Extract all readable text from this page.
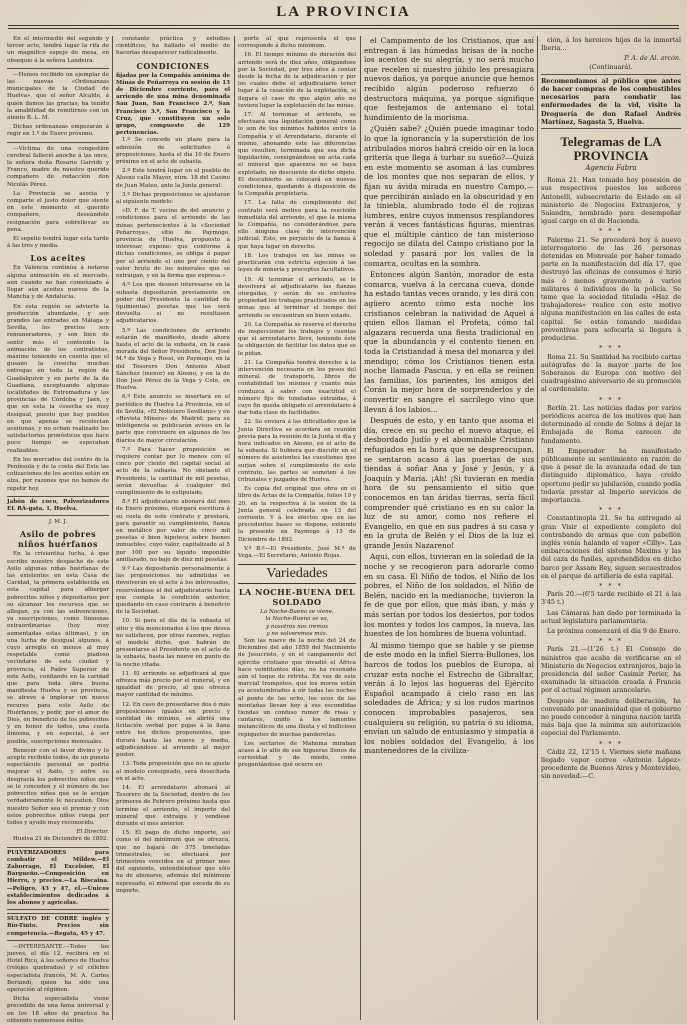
LA PROVINCIA

En el intermedio del segundo y tercer acto, tendrá lugar la rifa de un magnífico espejo de mesa, en obsequio á la señora Landeira.

—Hemos recibido un ejemplar de las nuevas «Ordenanzas municipales de la Ciudad de Huelva», que el señor Alcalde, á quien damos las gracias, ha tenido la amabilidad de remitirnos con un atento B. L. M.

Dichas ordenanzas empezarán á regir en 1.º de Enero próximo.

—Víctima de una congestión cerebral falleció anoche á las once, la señora doña Rosario Garrido y Franco, madre de nuestro querido compañero de redacción don Nicolás Pérez.

La Provincia se asocia y comparte el justo dolor que siente en este momento el querido compañero, deseándole resignación para sobrellevar su pena.

El sepelio tendrá lugar esta tarde á las tres y media.

Los aceites

En Valencia continúa á notarse alguna animación en el mercado, aun cuando no han comenzado á llegar aún aceites nuevos de la Mancha y de Andalucía.

En esta región se advierte la producción abundante, y son grandes las entradas en Málaga y Sevilla, los precios son remuneradores, y son bien de sentir más el contenido la animación de los contratistas, máxime teniendo en cuenta que el gusano la cosecha muchas entregas en toda la región de Guadalquivir y en parte de la de Guadiana, exceptuando algunas localidades de Extremadura y las provincias de Córdoba y Jaén, y que en esta la cosecha es muy desigual, puesto que hay pueblos en que apenas se recolectan aceitunas, y no echan realizado los satisfactorios pronósticos que hace poco tiempo se esperaban realizables.

En los mercados del centro de la Península y de la costa del Este las cotizaciones de los aceites están en alza, por razones que no hemos de repetir hoy.

Jabón de coco, Palvorizadores EL RÁ-gata, 1, Huelva.
J. M. J.
Asilo de pobres niños huérfanos

En la crisiantisa lucha, á que escribe nuestro despacho de este Asilo algunas niñas huérfanas de las existentes en esta Casa de Caridad, la primera establecida en esta capital para albergar pobrecitos niños y depositarios por su alcanzar los recursos que se allegan, ya con las subvenciones, ya suscripciones, como limosnas extraordinarias (hoy muy aumentadas estas últimas), y en una lucha de desigual algunos, á cuyo arreglo en menos al muy respetable como piadoso vecindario de esta ciudad y provincia, el Padre Superior de este Asilo, confiando en la caridad que para toda obra buena manifiesta Huelva y su provincia, se atreve á implorar un nuevo recurso para este Asilo de Huérfanos, y pedir, por el amor de Dios, en beneficio de los pobrecitos y en honor de todos, una cuota limosna, y en especial, á ser posible, suscripciones mensuales.

Benecer con el favor divino y lo acepte recibido todos, de un puesto espectáculo personal se podría mejorar el Asilo, y entre su desgracia los pobrecitos niños que se le conceden y el número de los pobrecitos niños que se le acojan verdaderamente le necesiten. Dios nuestro Señor sea el premio y con estos pobrecitos niños ruega por todos y ayude muy reconocido.

El Director.

Huelva 21 de Diciembre de 1892.

PULVERIZADORES para combatir el Mildew.—El Zaborrago, El Excelsior, El Bargueño.—Composición en Hierro, y precios.—La Biscaina.—Peligro, 43 y 47, el.—Únicos establecimientos dedicados á los abonos y agrícolas.
SULFATO DE COBRE inglés y Río-Tinto. Precios sin competencia.—Regata, 45 y 47.

—INTERESANTE.—Todos los jueves, el día 12, recibirá en el Hotel Rico, á los señores de Huelva (relojes quebrados) y el célebre especialista francés, M. A. Carles Beriandí, quien ha sido una operación al régimen.

Dicha especialista viene precedido de una fama universal y en los 18 años de práctica ha obtenido numerosos éxitos.

constante práctica y estudios científicos, ha hallado el medio de hacerlas desaparecer radicalmente.

CONDICIONES
fijadas por la Compañía anónima de Minas de Peñarroya en sesión de 13 de Diciembre corriente, para el arriendo de una mina denominada San Juan, San Francisco 2.º, San Francisco 3.º, San Francisco y la Cruz, que constituyen un solo grupo, compuesto de 129 pertenencias.

1.º Se concede un plazo para la admisión de solicitudes ó proposiciones, hasta el día 10 de Enero próximo en el acto de subasta.

2.º Este tendrá lugar en el pueblo de Alosno calle Mayor, núm. 18 del Casino de Juan Mateo, ante la Junta general.

3.º Dichas proposiciones se ajustarán al siguiente modelo:

«D. F. de T. vecino de del anuncio y condiciones para el arriendo de las minas pertenecientes á la «Sociedad Peñarroya», sitio de Paymogo, provincia de Huelva, propuesto á interesar, expone: que conforme á dichas condiciones, se obliga á pagar por el arriendo el uno por ciento del valor bruto de los minerales que se extraigan, y en la forma que expresa.»

4.º Los que deseen interesarse en la subasta depositarán previamente en poder del Presidente la cantidad de (quinientas) pesetas que les será devuelta si no resultasen adjudicatarios.

5.º Las condiciones de arriendo estarán de manifiesto, desde ahora hasta el acto de la subasta, en la casa morada del Señor Presidente, Don José M.ª de Vega y Rossi, en Paymogo, en la del Tesorero Don Antonio Abad Sánchez (menor) en Alosno, y en la de Don José Pérez de la Vega y Cote, en Huelva.

6.º Este anuncio se insertará en el periódico de Huelva La Provincia, en el de Sevilla, «El Noticiero Sevillano» y en «Revista Minera» de Madrid; para su inteligencia se publicarán avisos en la parte que conviniere en algunos de los diarios de mayor circulación.

7.º Para hacer proposición se requiere contar por lo menos con el cinco por ciento del capital social al acto de la subasta. No obstante el Presidente, la cantidad de mil pesetas, serán devueltas á cualquier del cumplimiento de lo estipulado.

8.º El adjudicatario abonará del mes de Enero próximo, otorgará escritura á su costa de este contrato y prestará, para garantir su cumplimiento, fianza en metálico por valor de cinco mil pesetas ó bien hipoteca sobre bienes inmuebles, cuyo valor, capitalizado al 5 por 100 por su líquido imponible amillarado, no baje de diez mil pesetas.

9.º Las depositarán personalmente á las proposiciones no admitidas se devolverán en el acto á los interesados, reservándose el del adjudicatario hasta que cumpla lo condición anterior, quedando en caso contrario á beneficio de la Sociedad.

10. Si para el día de la subasta el sitio y día mencionados á los que desea no satisfacen, por otras razones, reglas el modelo dicho, que habrán de presentarse al Presidente en el acto de la subasta, hasta las nueve en punto de la noche citada.

11. El arriendo se adjudicará al que ofrezca más precio por el mineral, y en igualdad de precio, al que ofrezca mayor cantidad de mínimo.

12. En caso de presentarse dos ó más proposiciones iguales en precio y cantidad de mínimo, se abrirá una licitación verbal por pujas á la llana entre los dichos proponentes, que durará hasta las nueve y media, adjudicándose el arriendo al mejor postor.

13. Toda proposición que no se ajuste al modelo consignado, será desechada en el acto.

14. El arrendatario abonará al Tesorero de la Sociedad, dentro de los primeros de Febrero próximo hasta que termine el arriendo, el importe del mineral que extraiga y vendiese durante el mes anterior.

15. El pago de dicho importe, así como el del mínimum que se ofrezca, que no bajará de 375 toneladas trimestrales, se efectuará por trimestres vencidos en el primer mes del siguiente, entendiéndose que sólo ha de abonarse, además del mínimum expresado, el mineral que exceda de su importe.

porte al que representa el que corresponde á dicho mínimum.

16. El tiempo mínimo de duración del arriendo será de diez años, obligándose por la Sociedad, por tres años á contar desde la fecha de la adjudicación y por los cuales debe el adjudicatario tener lugar á la cesación de la explotación, si llegara el caso de que algún año no tuviera lugar la explotación de las minas.

17. Al terminar el arriendo, se efectuará una liquidación general como lo son de los mínimos habidos entre la Compañía y el Arrendatario, durante el mismo, abonando este las diferencias que resulten, terminada que sea dicha liquidación, consignándose un acta cada el mineral que aparezca no se haya explotado, no descuente de dicho objeto. El descubierto se colocará en nuevas condiciones, quedando á disposición de la Compañía propietaria.

17. La falta de cumplimiento del contrato será motivo para la rescisión inmediata del arriendo, el que la misma la Compañía, no considerándose para ello ninguna clase de intervención judicial. Esto, en perjuicio de la fianza á que haya lugar en derecho.

18. Los trabajos en las minas se practicarán con estricta sujeción á las leyes de minería y preceptos facultativos.

19. Al terminar el arriendo, se le devolverá al adjudicatario las fianzas otorgadas, y serán de su exclusiva propiedad los trabajos practicados en las minas que al terminar el tiempo del arriendo se encuentran en buen estado.

20. La Compañía se reserva el derecho de inspeccionar los trabajos y cuentas que el arrendatario lleve, teniendo éste la obligación de facilitar los datos que se le pidan.

21. La Compañía tendrá derecho á la intervención necesaria en los pesos del mineral de transporte, libros de contabilidad los mismos y cuanto más conduzca á saber con exactitud el número fijo de toneladas extraídas, á cuyo fin queda obligado el arrendatario á dar toda clase de facilidades.

22. Se enviará á las dificultades que la Junta Directiva se acordara en reunión previa para la reunión de la Junta el día y hora indicados en Alosno, en el acto de la subasta. Si hubiera que discutir en el número de asistentes las cuestiones que surjan sobre el cumplimiento de este contrato, las partes se someten á los tribunales y juzgados de Huelva.

Es copia del original que obra en el libro de Actas de la Compañía, folios 19 y 20, en la respectiva á la sesión de la Junta general celebrada en 13 del corriente. Y á los efectos que en las precedentes bases se dispone, extiendo la presente en Paymogo á 15 de Diciembre de 1892.

V.º B.º—El Presidente, José M.ª de Vega.—El Secretario, Antonio Rojas.

Variedades
LA NOCHE-BUENA DEL SOLDADO
La Noche-Buena se viene,
la Noche-Buena se va,
y nosotros nos iremos
y no volveremos más.

Son las nueve de la noche del 24 de Diciembre del año 1859 del Nacimiento de Jesucristo, y en el campamento del ejército cristiano que invadió el África hace veintitantos días, no ha resonado aún el toque de retreta. En vez de este marcial trompeteo, que los moros están ya acostumbrados á oír todas las noches al punto de las ocho, los ecos de las montañas llevan hoy á sus escondidas tiendas un confuso rumor de risas y cantares, unido á los lamentos melancólicos de una flauta y el bullicioso repiqueteo de muchas panderetas.

Los sectarios de Mahoma miraban acaso á lo alto de sus higueras llenos de curiosidad y de miedo, como preguntándose qué ocurre en

el Campamento de los Cristianos, que así entregan á las húmedas brisas de la noche los acentos de su alegría, y no será mucho que recelen si nuestro júbilo les presagiara nuevos daños, ya porque anuncie que hemos recibido algún poderoso refuerzo ó destructora máquina, ya porque signifique que festejamos de antemano el total hundimiento de la morisma.

¿Quién sabe? ¿Quién puede imaginar todo lo que la ignorancia y la superstición de los atribulados moros habrá creído oír en la loca gritería que llega á turbar su sueño?—Quizá en este momento se asoman á las cumbres de los montes que nos separan de ellos, y fijan su ávida mirada en nuestro Campo,—que percibirán aislado en la obscuridad y en la tiniebla, alumbrado todo él de rojizas lumbres, entre cuyos inmensos resplandores verán á veces fantásticas figuras, mientras que el múltiple cántico de tan misterioso regocijo se dilata del Campo cristiano por la soledad y pasará por los valles de la comarca, ocultas en la sombra.

Entonces algún Santón, morador de esta comarca, vuelva á la cercana cueva, donde ha estado tantas veces orando, y les dirá con agüero acento cómo esta noche los cristianos celebran la natividad de Aquel á quien ellos llaman el Profeta, cómo tal algazara recuerda una fiesta tradicional en que la abundancia y el contento tienen en toda la Cristiandad á mesa del monarca y del mendigo; cómo los Cristianos tienen esta noche llamada Pascua, y en ella se reúnen las familias, los parientes, los amigos del Corán la mejor hora de sorprenderlos y de convertir en sangre el sacrílego vino que llevan á los labios...

Después de esto, y en tanto que asoma el día, crece en su pecho el nuevo ataque, el desbordado Judío y el abominable Cristiano refugiados en la hora que se despreocupan, se sentaron acaso á las puertas de sus tiendas á soñar Ana y José y Jesús, y á Joaquín y María. ¡Ah! ¡Si tuvieran en media hora de su pensamiento el sitio que conocemos en tan áridas tierras, sería fácil comprender qué cristiano es en su calor la luz de su amor, como nos refiere el Evangelio, en que en sus padres á su casa y en la gruta de Belén y el Dios de la luz el grande Jesús Nazareno!

Aquí, con ellos, tuvieran en la soledad de la noche y se recogieron para adorarle como en su casa. El Niño de todos, el Niño de los pobres, el Niño de los soldados, el Niño de Belén, nacido en la medianoche, tuvieron la fe de que por ellos, que más iban, y más y más serían por todos los desiertos, por todos los montes y todos los campos, la nueva, las huestes de los hombres de buena voluntad.

Al mismo tiempo que se hable y se piense de este modo en la infiel Sierra-Bullones, los barcos de todos los pueblos de Europa, al cruzar esta noche el Estrecho de Gibraltar, verán á lo lejos las hogueras del Ejército Español acampado á cielo raso en las soledades de África; y si los rudos marinos conocen improbables pasajeros, sea cualquiera su religión, su patria ó su idioma, envían un saludo de entusiasmo y simpatía á los nobles soldados del Evangelio, á los mantenedores de la civiliza-

ción, á los heroicos hijos de la inmortal Iberia...

P. A. de Al. arcón.
(Continuará).
Recomendamos al público que antes de hacer compras de los combustibles necesarios para combatir las enfermedades de la vid, visite la Droguería de don Rafael Andrés Martínez, Sagasta 5, Huelva.
Telegramas de LA PROVINCIA
Agencia Fabra

Roma 21. Han tomado hoy posesión de sus respectivos puestos los señores Antonelli, subsecretario de Estado en el ministerio de Negocios Extranjeros, y Salandra, nombrado para desempeñar igual cargo en el de Hacienda.

* * *

Palermo 21. Se procederá hoy á nuevo interrogatorio de las 26 personas detenidas en Monreale por haber tomado parte en la manifestación del día 17, que destruyó las oficinas de consumos é hirió más ó menos gravemente á varios militares é individuos de la policía. Se teme que la sociedad titulada «Haz de trabajadores» realice con este motivo alguna manifestación en las calles de esta capital. Se están tomando medidas preventivas para sofocarla si llegara á producirse.

* * *

Roma 21. Su Santidad ha recibido cartas autógrafas de la mayor parte de los Soberanos de Europa con motivo del cuadragésimo aniversario de su promoción al cardenalato.

* * *

Berlín 21. Las noticias dadas por varios periódicos acerca de los motivos que han determinado al conde de Solms á dejar la Embajada de Roma carecen de fundamento.

El Emperador ha manifestado públicamente su sentimiento en razón de que á pesar de la avanzada edad de tan distinguido diplomático, haya creído oportuno pedir su jubilación, cuando podía todavía prestar al Imperio servicios de importancia.

* * *

Constantinopla 21. Se ha entregado al gran Visir el expediente completo del contrabando de armas que con pabellón inglés venía halando el vapor «Cilly». Las embarcaciones del sistema Maxims y las del caza de fusiles, aprehendidos en dicho barco por Assam Bey, siguen secuestrados en el parque de artillería de esta capital.

* * *

París 20.—(6'5 tarde recibido el 21 á las 3'45 t.)

Las Cámaras han dado por terminada la actual legislatura parlamentaria.

La próxima comenzará el día 9 de Enero.

* * *

París 21.—(1'26 t.) El Consejo de ministros que acaba de verificarse en el Ministerio de Negocios extranjeros, bajo la presidencia del señor Casimir Perier, ha examinado la situación creada á Francia por el actual régimen arancelario.

Después de madura deliberación, ha convenido por unanimidad que el gobierno no puede conceder á ninguna nación tarifa más baja que la mínima sin autorización especial del Parlamento.

* * *

Cádiz 22, 12'15 t. Viernes siete mañana llegado vapor correo «Antonio López» procedente de Buenos Aires y Montevideo, sin novedad.—C.
